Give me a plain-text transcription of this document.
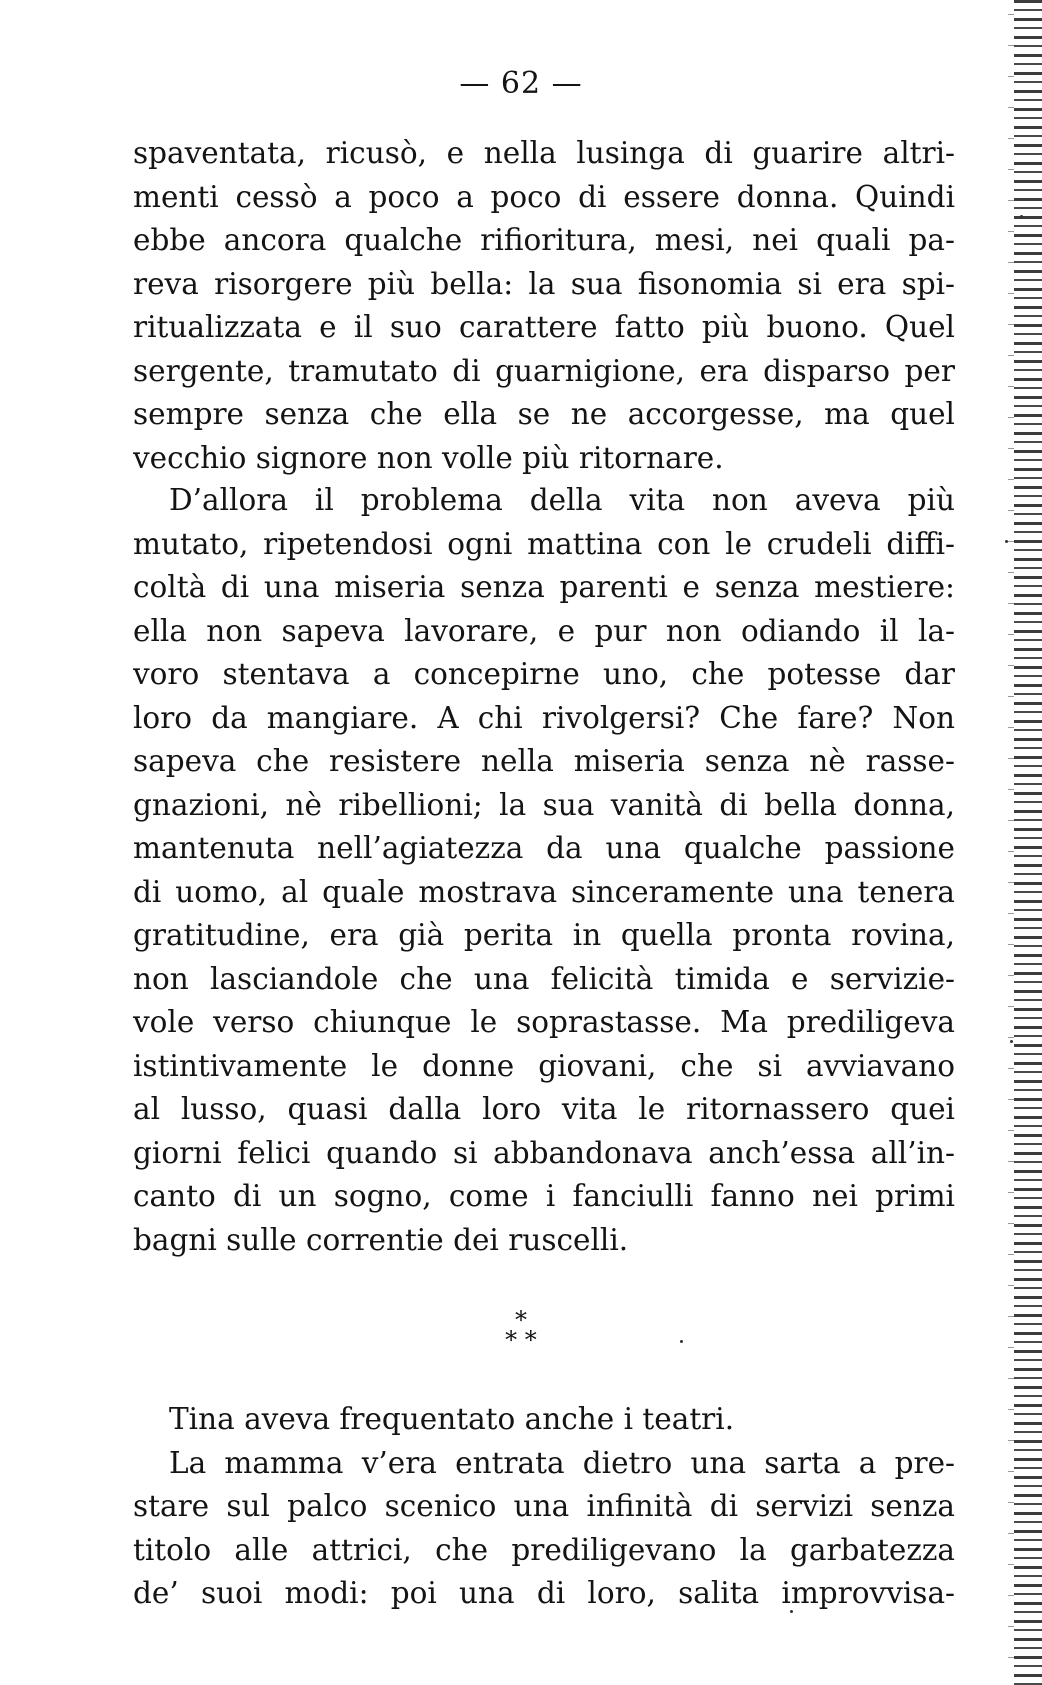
— 62 —
spaventata, ricusò, e nella lusinga di guarire altri-
menti cessò a poco a poco di essere donna. Quindi
ebbe ancora qualche rifioritura, mesi, nei quali pa-
reva risorgere più bella: la sua fisonomia si era spi-
ritualizzata e il suo carattere fatto più buono. Quel
sergente, tramutato di guarnigione, era disparso per
sempre senza che ella se ne accorgesse, ma quel
vecchio signore non volle più ritornare.
D’allora il problema della vita non aveva più
mutato, ripetendosi ogni mattina con le crudeli diffi-
coltà di una miseria senza parenti e senza mestiere:
ella non sapeva lavorare, e pur non odiando il la-
voro stentava a concepirne uno, che potesse dar
loro da mangiare. A chi rivolgersi? Che fare? Non
sapeva che resistere nella miseria senza nè rasse-
gnazioni, nè ribellioni; la sua vanità di bella donna,
mantenuta nell’agiatezza da una qualche passione
di uomo, al quale mostrava sinceramente una tenera
gratitudine, era già perita in quella pronta rovina,
non lasciandole che una felicità timida e servizie-
vole verso chiunque le soprastasse. Ma prediligeva
istintivamente le donne giovani, che si avviavano
al lusso, quasi dalla loro vita le ritornassero quei
giorni felici quando si abbandonava anch’essa all’in-
canto di un sogno, come i fanciulli fanno nei primi
bagni sulle correntie dei ruscelli.
*
* *
Tina aveva frequentato anche i teatri.
La mamma v’era entrata dietro una sarta a pre-
stare sul palco scenico una infinità di servizi senza
titolo alle attrici, che prediligevano la garbatezza
de’ suoi modi: poi una di loro, salita improvvisa-
